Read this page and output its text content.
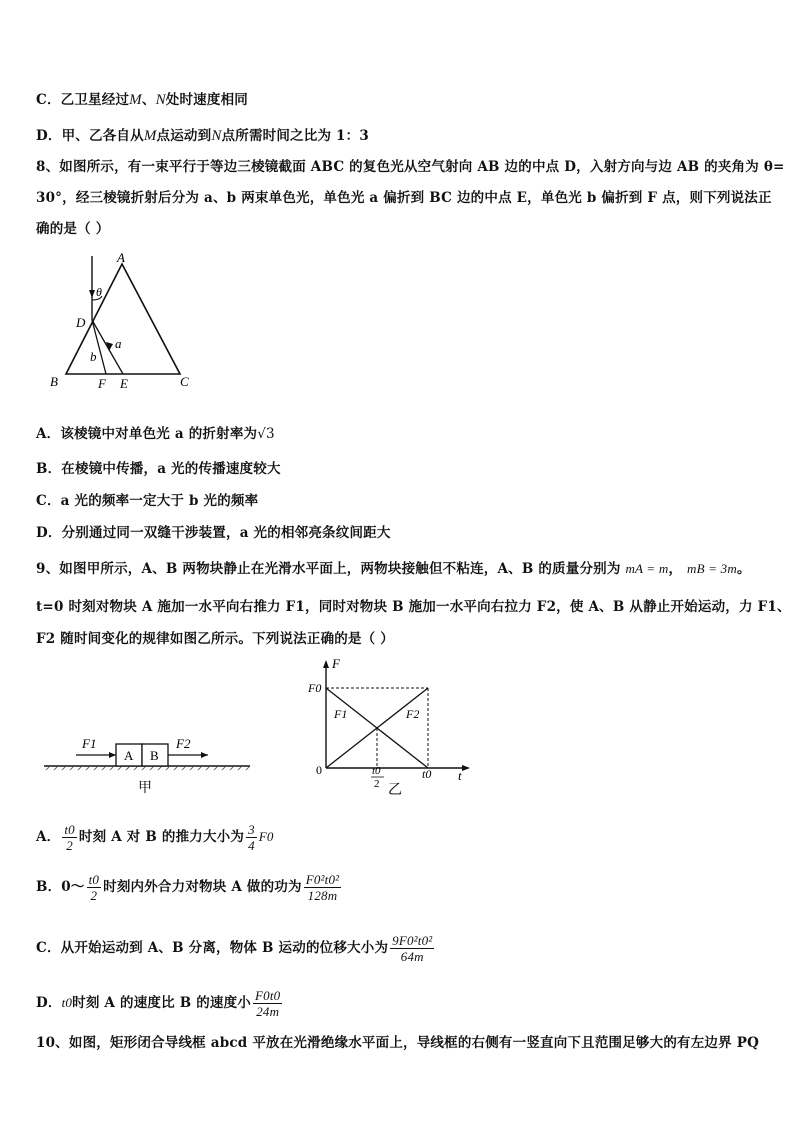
C．乙卫星经过M、N处时速度相同
D．甲、乙各自从M点运动到N点所需时间之比为 1：3
8、如图所示，有一束平行于等边三棱镜截面 ABC 的复色光从空气射向 AB 边的中点 D，入射方向与边 AB 的夹角为 θ=
30°，经三棱镜折射后分为 a、b 两束单色光，单色光 a 偏折到 BC 边的中点 E，单色光 b 偏折到 F 点，则下列说法正
确的是（ ）
A
θ
D
a
b
B	F E	C
A．该棱镜中对单色光 a 的折射率为√3
B．在棱镜中传播，a 光的传播速度较大
C．a 光的频率一定大于 b 光的频率
D．分别通过同一双缝干涉装置，a 光的相邻亮条纹间距大
9、如图甲所示，A、B 两物块静止在光滑水平面上，两物块接触但不粘连，A、B 的质量分别为 mA = m， mB = 3m。
t=0 时刻对物块 A 施加一水平向右推力 F1，同时对物块 B 施加一水平向右拉力 F2，使 A、B 从静止开始运动，力 F1、
F2 随时间变化的规律如图乙所示。下列说法正确的是（ ）
A B
F1	F2
甲
F
F0
F1	F2
0	t0
2
t0 t
乙
A． $\frac{t0}{2}$ 时刻 A 对 B 的推力大小为 $\frac{3}{4} F0$
B．0～ $\frac{t0}{2}$ 时刻内外合力对物块 A 做的功为 $\frac{\text{F0²t0²}}{128m}$
C．从开始运动到 A、B 分离，物体 B 运动的位移大小为 $\frac{\text{9F0²t0²}}{64m}$
D．t0时刻 A 的速度比 B 的速度小 $\frac{F0t0}{24m}$
10、如图，矩形闭合导线框 abcd 平放在光滑绝缘水平面上，导线框的右侧有一竖直向下且范围足够大的有左边界 PQ
